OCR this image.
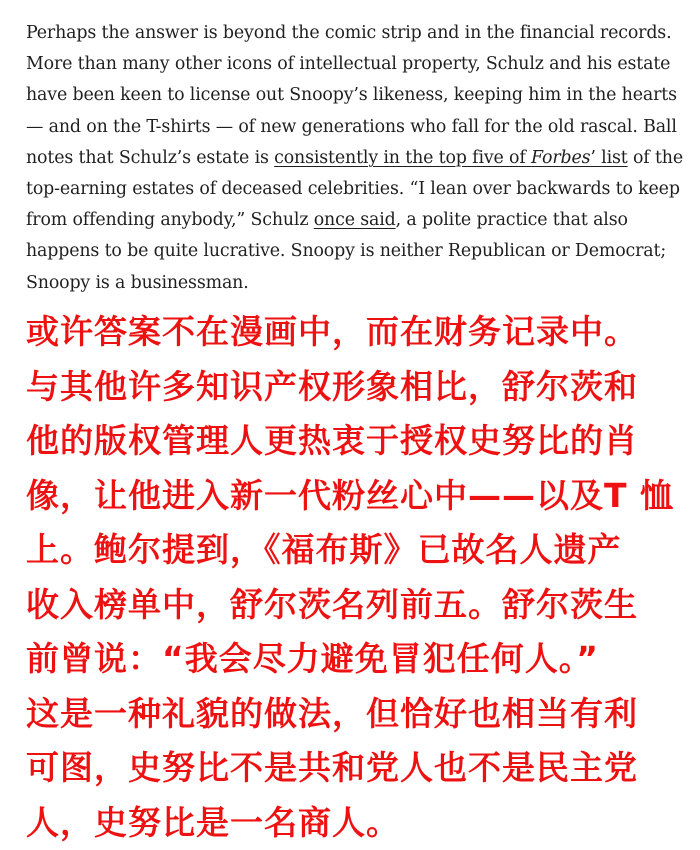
Perhaps the answer is beyond the comic strip and in the financial records. More than many other icons of intellectual property, Schulz and his estate have been keen to license out Snoopy’s likeness, keeping him in the hearts — and on the T-shirts — of new generations who fall for the old rascal. Ball notes that Schulz’s estate is consistently in the top five of Forbes’ list of the top-earning estates of deceased celebrities. “I lean over backwards to keep from offending anybody,” Schulz once said, a polite practice that also happens to be quite lucrative. Snoopy is neither Republican or Democrat; Snoopy is a businessman.

或许答案不在漫画中，而在财务记录中。
与其他许多知识产权形象相比，舒尔茨和
他的版权管理人更热衷于授权史努比的肖
像，让他进入新一代粉丝心中——以及T 恤
上。鲍尔提到，《福布斯》已故名人遗产
收入榜单中，舒尔茨名列前五。舒尔茨生
前曾说：“我会尽力避免冒犯任何人。”
这是一种礼貌的做法，但恰好也相当有利
可图，史努比不是共和党人也不是民主党
人，史努比是一名商人。
